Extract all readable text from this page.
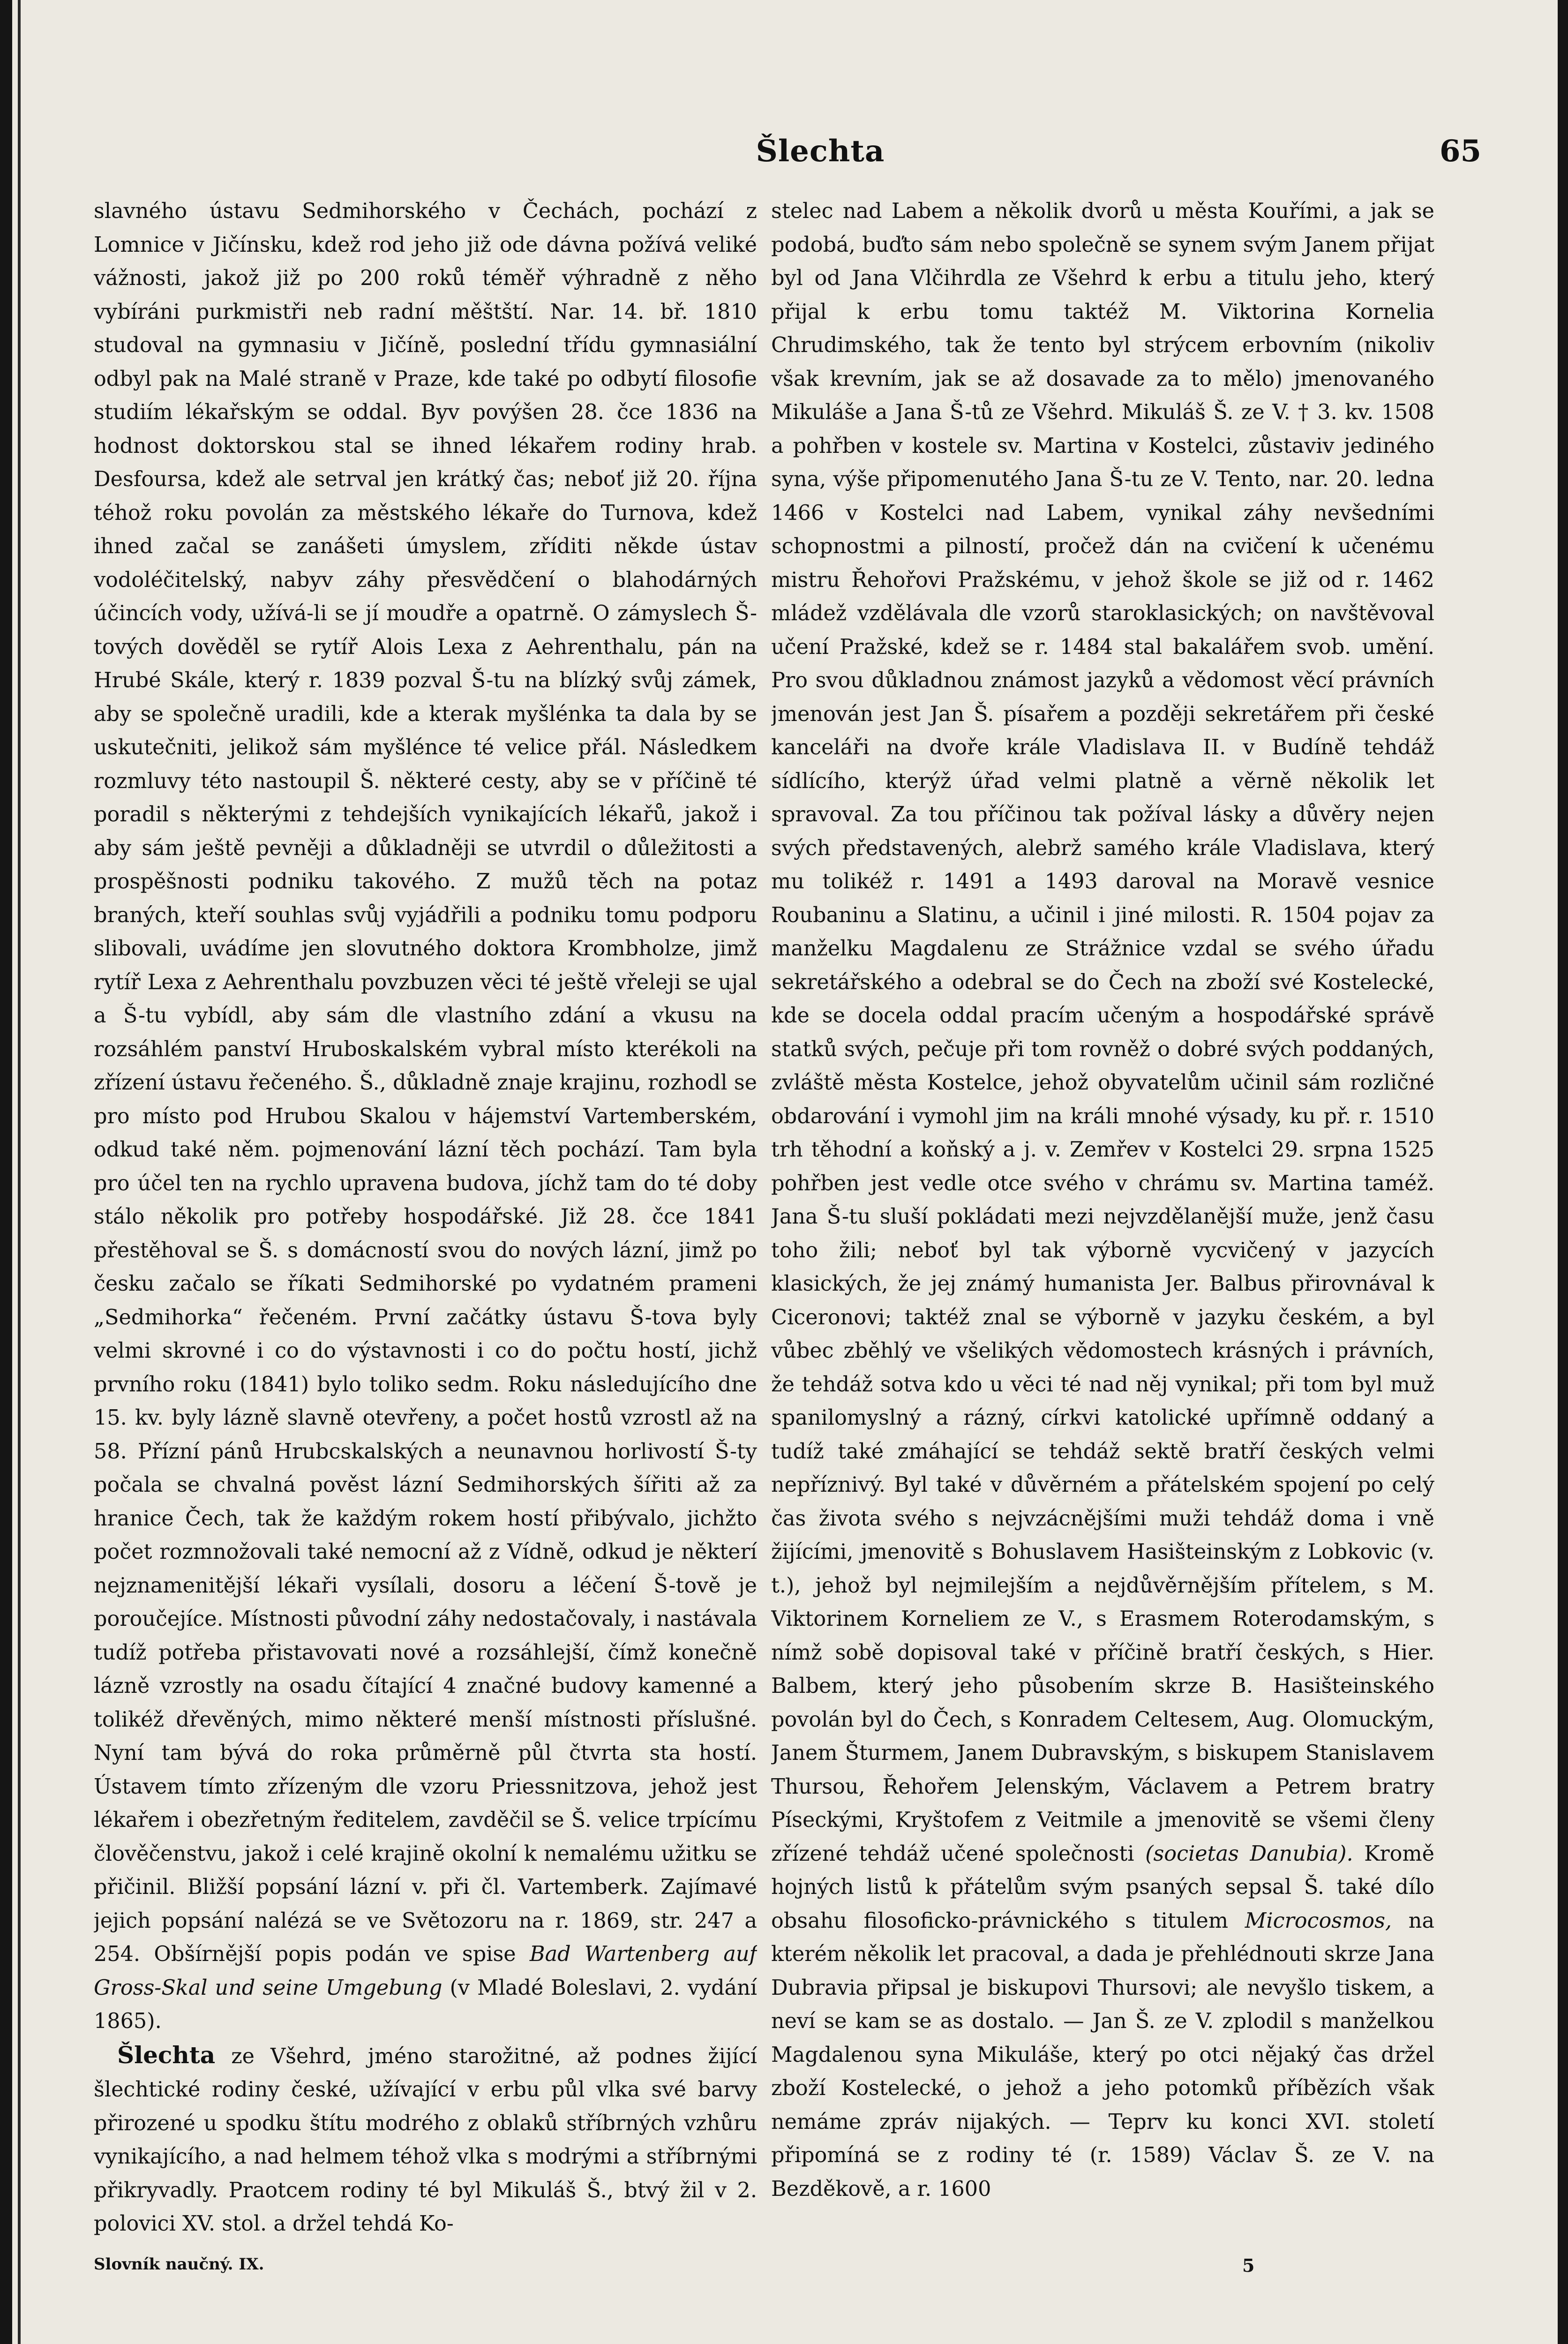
Šlechta	65

slavného ústavu Sedmihorského v Čechách, pochází z Lomnice v Jičínsku, kdež rod jeho již ode dávna požívá veliké vážnosti, jakož již po 200 roků téměř výhradně z něho vybíráni purkmistři neb radní měštští. Nar. 14. bř. 1810 studoval na gymnasiu v Jičíně, poslední třídu gymnasiální odbyl pak na Malé straně v Praze, kde také po odbytí filosofie studiím lékařským se oddal. Byv povýšen 28. čce 1836 na hodnost doktorskou stal se ihned lékařem rodiny hrab. Desfoursa, kdež ale setrval jen krátký čas; neboť již 20. října téhož roku povolán za městského lékaře do Turnova, kdež ihned začal se zanášeti úmyslem, zříditi někde ústav vodoléčitelský, nabyv záhy přesvědčení o blahodárných účincích vody, užívá-li se jí moudře a opatrně. O zámyslech Š-tových dověděl se rytíř Alois Lexa z Aehrenthalu, pán na Hrubé Skále, který r. 1839 pozval Š-tu na blízký svůj zámek, aby se společně uradili, kde a kterak myšlénka ta dala by se uskutečniti, jelikož sám myšlénce té velice přál. Následkem rozmluvy této nastoupil Š. některé cesty, aby se v příčině té poradil s některými z tehdejších vynikajících lékařů, jakož i aby sám ještě pevněji a důkladněji se utvrdil o důležitosti a prospěšnosti podniku takového. Z mužů těch na potaz braných, kteří souhlas svůj vyjádřili a podniku tomu podporu slibovali, uvádíme jen slovutného doktora Krombholze, jimž rytíř Lexa z Aehrenthalu povzbuzen věci té ještě vřeleji se ujal a Š-tu vybídl, aby sám dle vlastního zdání a vkusu na rozsáhlém panství Hruboskalském vybral místo kterékoli na zřízení ústavu řečeného. Š., důkladně znaje krajinu, rozhodl se pro místo pod Hrubou Skalou v hájemství Vartemberském, odkud také něm. pojmenování lázní těch pochází. Tam byla pro účel ten na rychlo upravena budova, jíchž tam do té doby stálo několik pro potřeby hospodářské. Již 28. čce 1841 přestěhoval se Š. s domácností svou do nových lázní, jimž po česku začalo se říkati Sedmihorské po vydatném prameni „Sedmihorka“ řečeném. První začátky ústavu Š-tova byly velmi skrovné i co do výstavnosti i co do počtu hostí, jichž prvního roku (1841) bylo toliko sedm. Roku následujícího dne 15. kv. byly lázně slavně otevřeny, a počet hostů vzrostl až na 58. Přízní pánů Hrubcskalských a neunavnou horlivostí Š-ty počala se chvalná pověst lázní Sedmihorských šířiti až za hranice Čech, tak že každým rokem hostí přibývalo, jichžto počet rozmnožovali také nemocní až z Vídně, odkud je některí nejznamenitější lékaři vysílali, dosoru a léčení Š-tově je poroučejíce. Místnosti původní záhy nedostačovaly, i nastávala tudíž potřeba přistavovati nové a rozsáhlejší, čímž konečně lázně vzrostly na osadu čítající 4 značné budovy kamenné a tolikéž dřevěných, mimo některé menší místnosti příslušné. Nyní tam bývá do roka průměrně půl čtvrta sta hostí. Ústavem tímto zřízeným dle vzoru Priessnitzova, jehož jest lékařem i obezřetným ředitelem, zavděčil se Š. velice trpícímu člověčenstvu, jakož i celé krajině okolní k nemalému užitku se přičinil. Bližší popsání lázní v. při čl. Vartemberk. Zajímavé jejich popsání nalézá se ve Světozoru na r. 1869, str. 247 a 254. Obšírnější popis podán ve spise Bad Wartenberg auf Gross-Skal und seine Umgebung (v Mladé Boleslavi, 2. vydání 1865).

Šlechta ze Všehrd, jméno starožitné, až podnes žijící šlechtické rodiny české, užívající v erbu půl vlka své barvy přirozené u spodku štítu modrého z oblaků stříbrných vzhůru vynikajícího, a nad helmem téhož vlka s modrými a stříbrnými přikryvadly. Praotcem rodiny té byl Mikuláš Š., btvý žil v 2. polovici XV. stol. a držel tehdá Ko-

stelec nad Labem a několik dvorů u města Kouřími, a jak se podobá, buďto sám nebo společně se synem svým Janem přijat byl od Jana Vlčihrdla ze Všehrd k erbu a titulu jeho, který přijal k erbu tomu taktéž M. Viktorina Kornelia Chrudimského, tak že tento byl strýcem erbovním (nikoliv však krevním, jak se až dosavade za to mělo) jmenovaného Mikuláše a Jana Š-tů ze Všehrd. Mikuláš Š. ze V. † 3. kv. 1508 a pohřben v kostele sv. Martina v Kostelci, zůstaviv jediného syna, výše připomenutého Jana Š-tu ze V. Tento, nar. 20. ledna 1466 v Kostelci nad Labem, vynikal záhy nevšedními schopnostmi a pilností, pročež dán na cvičení k učenému mistru Řehořovi Pražskému, v jehož škole se již od r. 1462 mládež vzdělávala dle vzorů staroklasických; on navštěvoval učení Pražské, kdež se r. 1484 stal bakalářem svob. umění. Pro svou důkladnou známost jazyků a vědomost věcí právních jmenován jest Jan Š. písařem a později sekretářem při české kanceláři na dvoře krále Vladislava II. v Budíně tehdáž sídlícího, kterýž úřad velmi platně a věrně několik let spravoval. Za tou příčinou tak požíval lásky a důvěry nejen svých představených, alebrž samého krále Vladislava, který mu tolikéž r. 1491 a 1493 daroval na Moravě vesnice Roubaninu a Slatinu, a učinil i jiné milosti. R. 1504 pojav za manželku Magdalenu ze Strážnice vzdal se svého úřadu sekretářského a odebral se do Čech na zboží své Kostelecké, kde se docela oddal pracím učeným a hospodářské správě statků svých, pečuje při tom rovněž o dobré svých poddaných, zvláště města Kostelce, jehož obyvatelům učinil sám rozličné obdarování i vymohl jim na králi mnohé výsady, ku př. r. 1510 trh těhodní a koňský a j. v. Zemřev v Kostelci 29. srpna 1525 pohřben jest vedle otce svého v chrámu sv. Martina taméž. Jana Š-tu sluší pokládati mezi nejvzdělanější muže, jenž času toho žili; neboť byl tak výborně vycvičený v jazycích klasických, že jej známý humanista Jer. Balbus přirovnával k Ciceronovi; taktéž znal se výborně v jazyku českém, a byl vůbec zběhlý ve všelikých vědomostech krásných i právních, že tehdáž sotva kdo u věci té nad něj vynikal; při tom byl muž spanilomyslný a rázný, církvi katolické upřímně oddaný a tudíž také zmáhající se tehdáž sektě bratří českých velmi nepříznivý. Byl také v důvěrném a přátelském spojení po celý čas života svého s nejvzácnějšími muži tehdáž doma i vně žijícími, jmenovitě s Bohuslavem Hasišteinským z Lobkovic (v. t.), jehož byl nejmilejším a nejdůvěrnějším přítelem, s M. Viktorinem Korneliem ze V., s Erasmem Roterodamským, s nímž sobě dopisoval také v příčině bratří českých, s Hier. Balbem, který jeho působením skrze B. Hasišteinského povolán byl do Čech, s Konradem Celtesem, Aug. Olomuckým, Janem Šturmem, Janem Dubravským, s biskupem Stanislavem Thursou, Řehořem Jelenským, Václavem a Petrem bratry Píseckými, Kryštofem z Veitmile a jmenovitě se všemi členy zřízené tehdáž učené společnosti (societas Danubia). Kromě hojných listů k přátelům svým psaných sepsal Š. také dílo obsahu filosoficko-právnického s titulem Microcosmos, na kterém několik let pracoval, a dada je přehlédnouti skrze Jana Dubravia připsal je biskupovi Thursovi; ale nevyšlo tiskem, a neví se kam se as dostalo. — Jan Š. ze V. zplodil s manželkou Magdalenou syna Mikuláše, který po otci nějaký čas držel zboží Kostelecké, o jehož a jeho potomků příbězích však nemáme zpráv nijakých. — Teprv ku konci XVI. století připomíná se z rodiny té (r. 1589) Václav Š. ze V. na Bezděkově, a r. 1600

Slovník naučný. IX.	5
